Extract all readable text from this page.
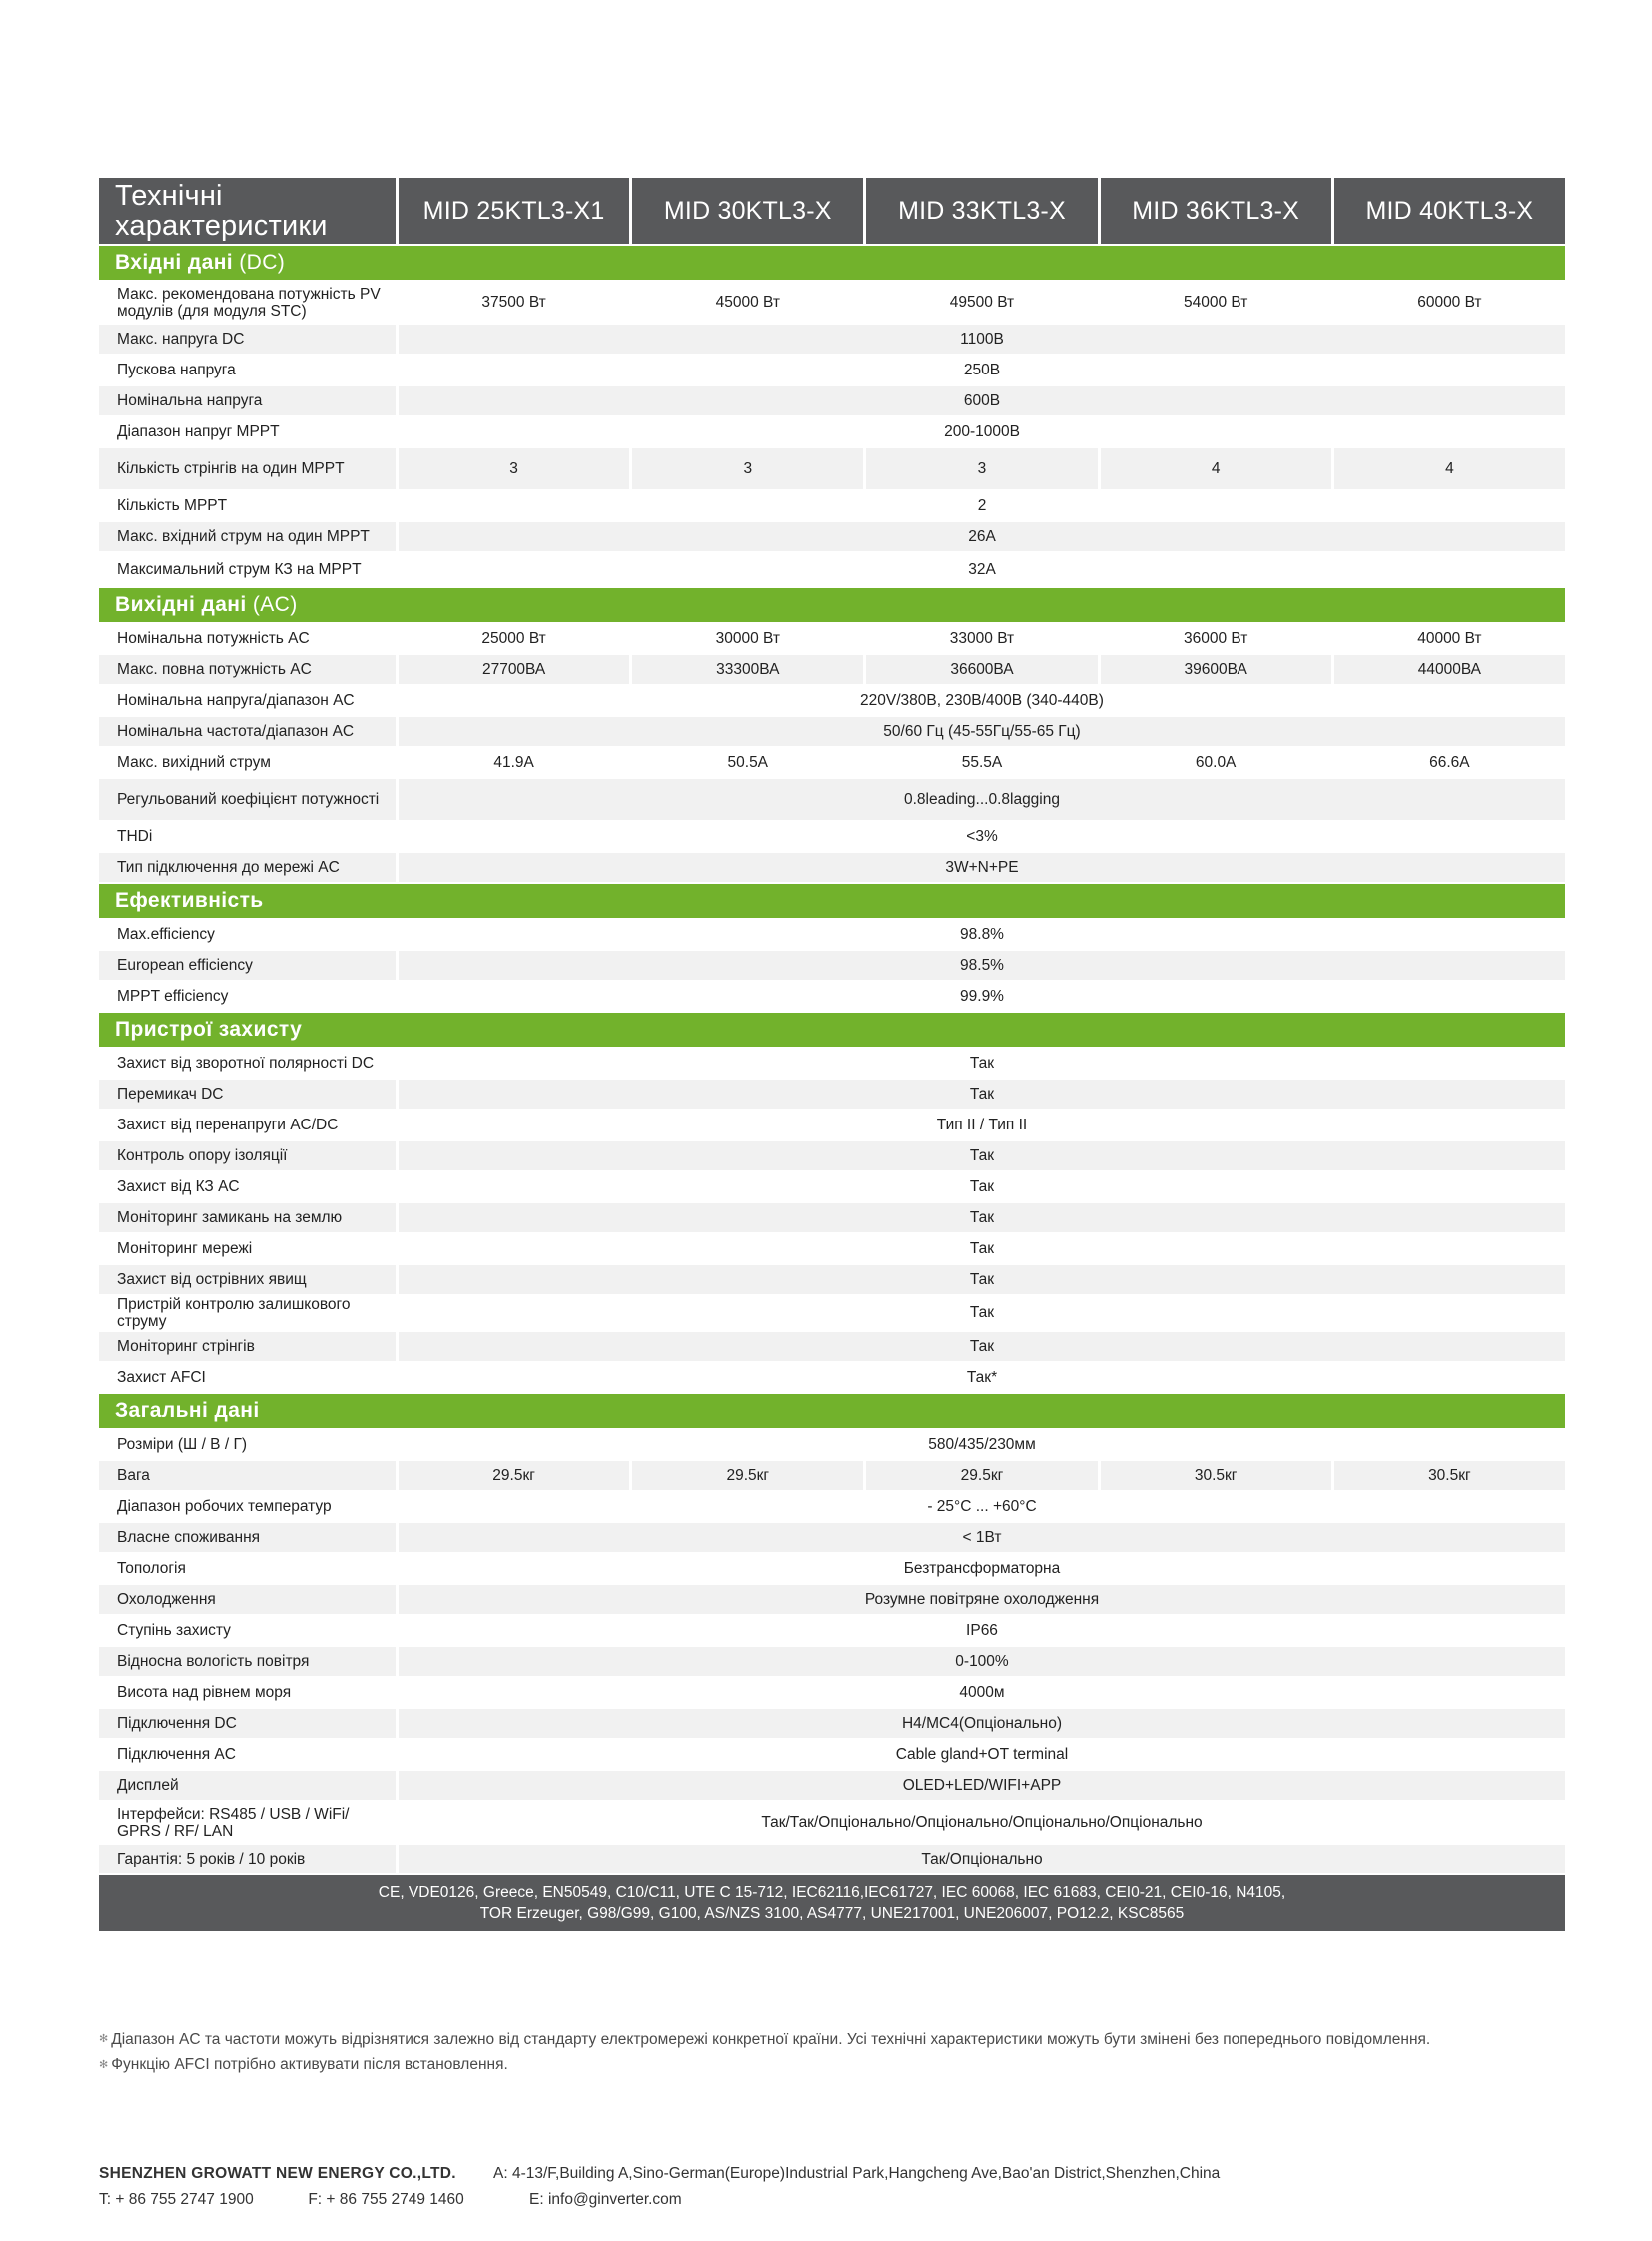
Технічні характеристики	MID 25KTL3-X1	MID 30KTL3-X	MID 33KTL3-X	MID 36KTL3-X	MID 40KTL3-X
Вхідні дані (DC)					
Макс. рекомендована потужність PV модулів (для модуля STC)	37500 Вт	45000 Вт	49500 Вт	54000 Вт	60000 Вт
Макс. напруга DC	1100В				
Пускова напруга	250В				
Номінальна напруга	600В				
Діапазон напруг MPPT	200-1000В				
Кількість стрінгів на один MPPT	3	3	3	4	4
Кількість MPPT	2				
Макс. вхідний струм на один MPPT	26A				
Максимальний струм КЗ на MPPT	32A				
Вихідні дані (AC)					
Номінальна потужність AC	25000 Вт	30000 Вт	33000 Вт	36000 Вт	40000 Вт
Макс. повна потужність AC	27700ВА	33300ВА	36600ВА	39600ВА	44000ВА
Номінальна напруга/діапазон AC	220V/380В, 230В/400В (340-440В)				
Номінальна частота/діапазон AC	50/60 Гц (45-55Гц/55-65 Гц)				
Макс. вихідний струм	41.9A	50.5A	55.5A	60.0A	66.6A
Регульований коефіцієнт потужності	0.8leading...0.8lagging				
THDi	<3%				
Тип підключення до мережі AC	3W+N+PE				
Ефективність					
Max.efficiency	98.8%				
European efficiency	98.5%				
MPPT efficiency	99.9%				
Пристрої захисту					
Захист від зворотної полярності DC	Так				
Перемикач DC	Так				
Захист від перенапруги AC/DC	Тип II / Тип II				
Контроль опору ізоляції	Так				
Захист від КЗ AC	Так				
Моніторинг замикань на землю	Так				
Моніторинг мережі	Так				
Захист від острівних явищ	Так				
Пристрій контролю залишкового струму	Так				
Моніторинг стрінгів	Так				
Захист AFCI	Так*				
Загальні дані					
Розміри (Ш / В / Г)	580/435/230мм				
Вага	29.5кг	29.5кг	29.5кг	30.5кг	30.5кг
Діапазон робочих температур	- 25°C ... +60°C				
Власне споживання	< 1Вт				
Топологія	Безтрансформаторна				
Охолодження	Розумне повітряне охолодження				
Ступінь захисту	IP66				
Відносна вологість повітря	0-100%				
Висота над рівнем моря	4000м				
Підключення DC	H4/MC4(Опціонально)				
Підключення AC	Cable gland+OT terminal				
Дисплей	OLED+LED/WIFI+APP				
Інтерфейси: RS485 / USB / WiFi/ GPRS / RF/ LAN	Так/Так/Опціонально/Опціонально/Опціонально/Опціонально				
Гарантія: 5 років / 10 років	Так/Опціонально				

CE, VDE0126, Greece, EN50549, C10/C11, UTE C 15-712, IEC62116,IEC61727, IEC 60068, IEC 61683, CEI0-21, CEI0-16, N4105,
TOR Erzeuger, G98/G99, G100, AS/NZS 3100, AS4777, UNE217001, UNE206007, PO12.2, KSC8565					
✻ Діапазон AC та частоти можуть відрізнятися залежно від стандарту електромережі конкретної країни. Усі технічні характеристики можуть бути змінені без попереднього повідомлення.
✻ Функцію AFCI потрібно активувати після встановлення.
SHENZHEN GROWATT NEW ENERGY CO.,LTD.
T: + 86 755 2747 1900	F: + 86 755 2749 1460
A: 4-13/F,Building A,Sino-German(Europe)Industrial Park,Hangcheng Ave,Bao'an District,Shenzhen,China
E: info@ginverter.com
